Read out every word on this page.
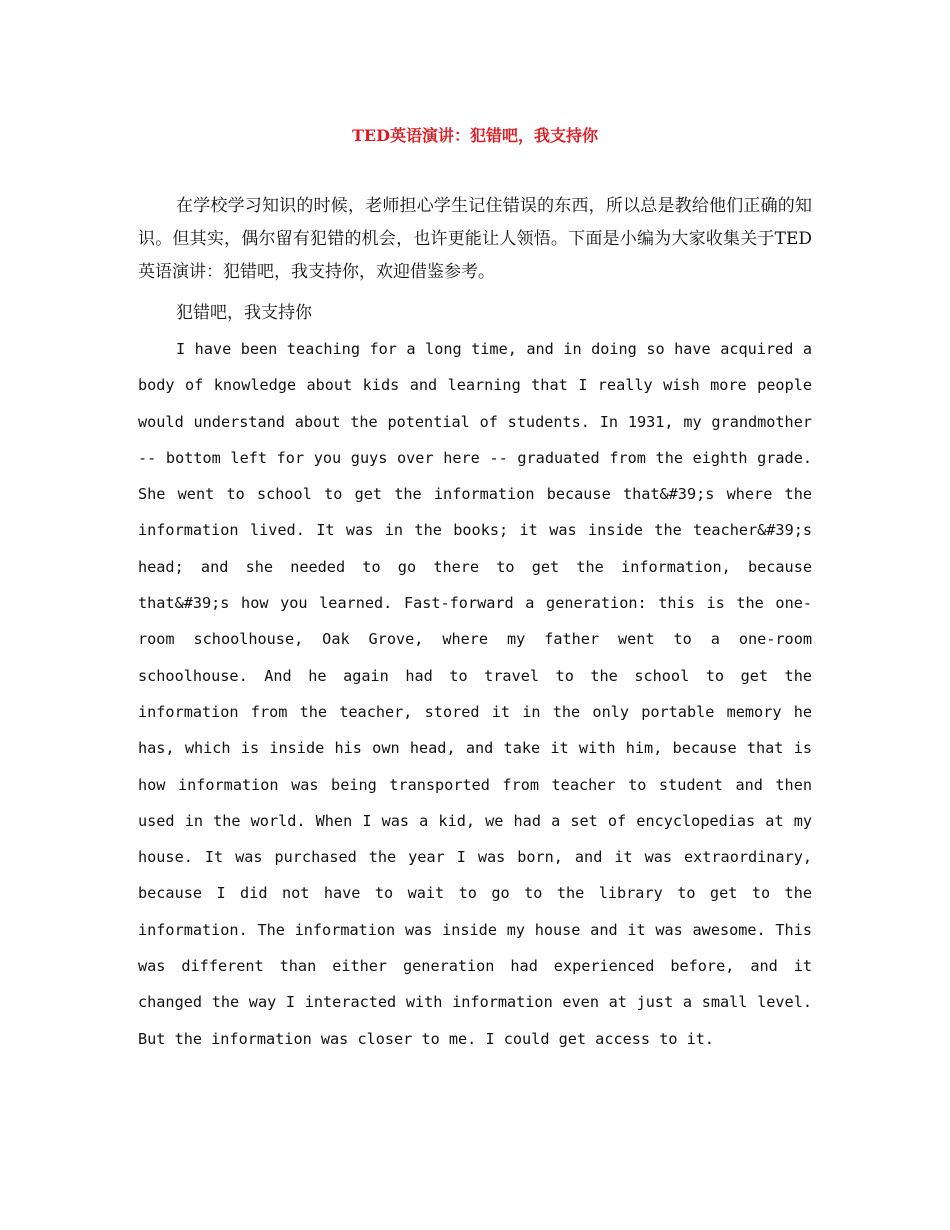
TED英语演讲：犯错吧，我支持你

在学校学习知识的时候，老师担心学生记住错误的东西，所以总是教给他们正确的知识。但其实，偶尔留有犯错的机会，也许更能让人领悟。下面是小编为大家收集关于TED英语演讲：犯错吧，我支持你，欢迎借鉴参考。

犯错吧，我支持你

I have been teaching for a long time, and in doing so have acquired a body of knowledge about kids and learning that I really wish more people would understand about the potential of students. In 1931, my grandmother -- bottom left for you guys over here -- graduated from the eighth grade. She went to school to get the information because that&#39;s where the information lived. It was in the books; it was inside the teacher&#39;s head; and she needed to go there to get the information, because that&#39;s how you learned. Fast-forward a generation: this is the one-room schoolhouse, Oak Grove, where my father went to a one-room schoolhouse. And he again had to travel to the school to get the information from the teacher, stored it in the only portable memory he has, which is inside his own head, and take it with him, because that is how information was being transported from teacher to student and then used in the world. When I was a kid, we had a set of encyclopedias at my house. It was purchased the year I was born, and it was extraordinary, because I did not have to wait to go to the library to get to the information. The information was inside my house and it was awesome. This was different than either generation had experienced before, and it changed the way I interacted with information even at just a small level. But the information was closer to me. I could get access to it.
